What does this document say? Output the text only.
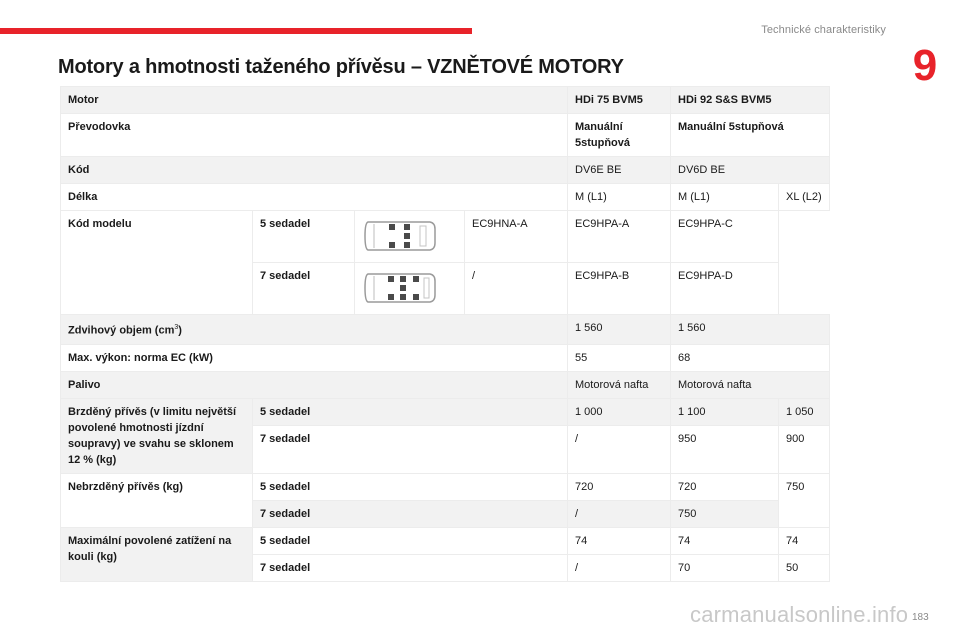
Technické charakteristiky
9
Motory a hmotnosti taženého přívěsu – VZNĚTOVÉ MOTORY
Motor				HDi 75 BVM5	HDi 92 S&S BVM5	
Převodovka				Manuální 5stupňová	Manuální 5stupňová	
Kód				DV6E BE	DV6D BE	
Délka				M (L1)	M (L1)	XL (L2)
Kód modelu	5 sedadel		EC9HNA-A	EC9HPA-A	EC9HPA-C	
	7 sedadel		/	EC9HPA-B	EC9HPA-D	
Zdvihový objem $(cm^3)$				1 560	1 560	
Max. výkon: norma EC (kW)				55	68	
Palivo				Motorová nafta	Motorová nafta	
Brzděný přívěs (v limitu největší povolené hmotnosti jízdní soupravy) ve svahu se sklonem 12 % (kg)	5 sedadel			1 000	1 100	1 050
	7 sedadel			/	950	900
Nebrzděný přívěs (kg)	5 sedadel			720	720	750
	7 sedadel			/	750	
Maximální povolené zatížení na kouli (kg)	5 sedadel			74	74	74
	7 sedadel			/	70	50
carmanualsonline.info 183
